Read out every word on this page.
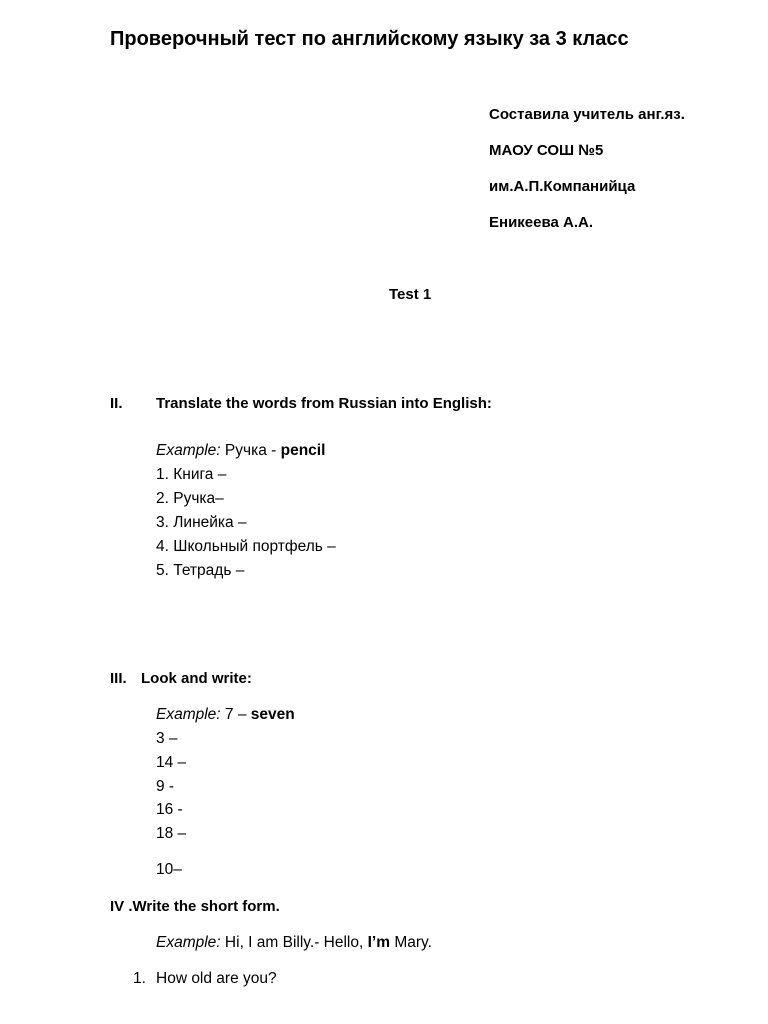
Проверочный тест по английскому языку за 3 класс
Составила учитель анг.яз.
МАОУ СОШ №5
им.А.П.Компанийца
Еникеева А.А.
Test 1
II. Translate the words from Russian into English:
Example: Ручка - pencil
1. Книга –
2. Ручка–
3. Линейка –
4. Школьный портфель –
5. Тетрадь –
III. Look and write:
Example: 7 – seven
3 –
14 –
9 -
16 -
18 –
10–
IV .Write the short form.
Example: Hi, I am Billy.- Hello, I’m Mary.
1. How old are you?
